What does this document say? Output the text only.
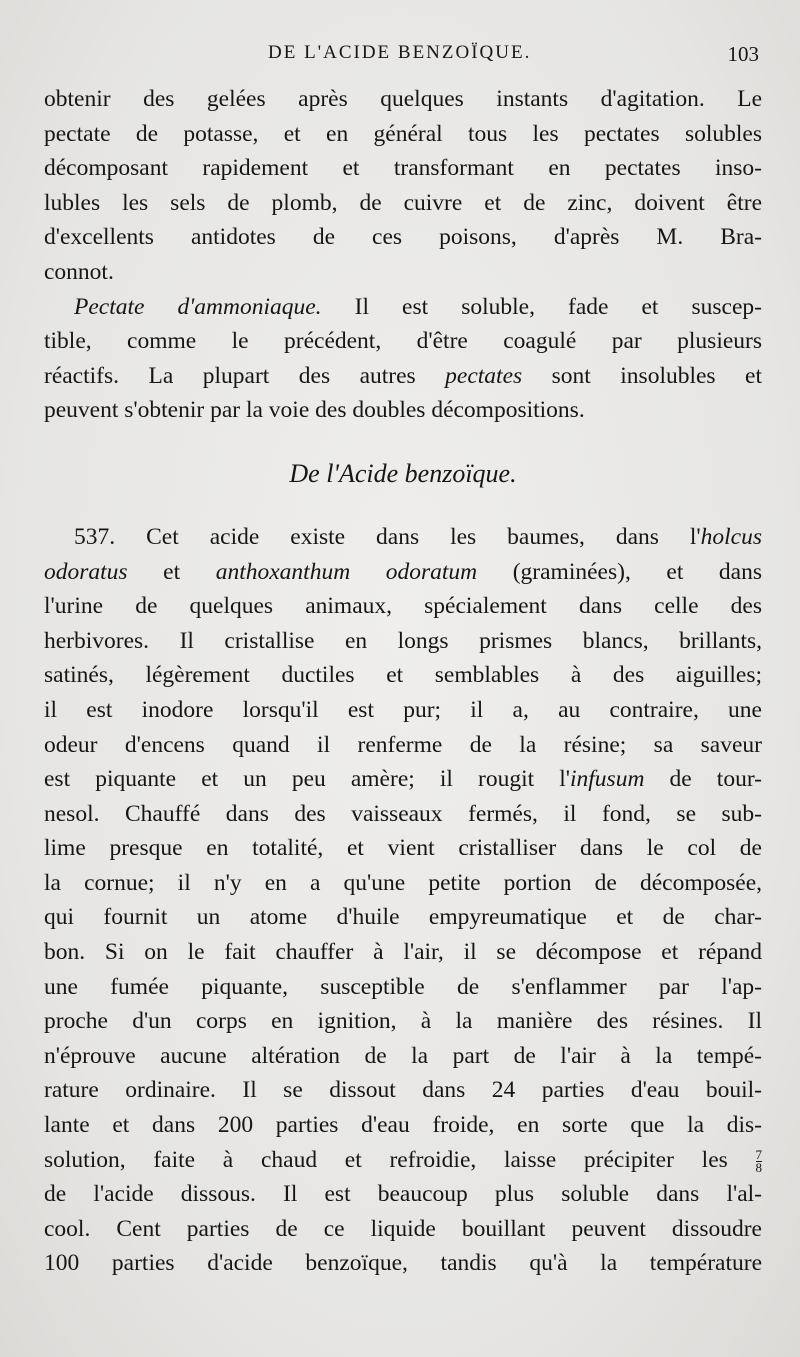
DE L'ACIDE BENZOÏQUE.	103
obtenir des gelées après quelques instants d'agitation. Le
pectate de potasse, et en général tous les pectates solubles
décomposant rapidement et transformant en pectates inso-
lubles les sels de plomb, de cuivre et de zinc, doivent être
d'excellents antidotes de ces poisons, d'après M. Bra-
connot.
Pectate d'ammoniaque. Il est soluble, fade et suscep-
tible, comme le précédent, d'être coagulé par plusieurs
réactifs. La plupart des autres pectates sont insolubles et
peuvent s'obtenir par la voie des doubles décompositions.
De l'Acide benzoïque.
537. Cet acide existe dans les baumes, dans l'holcus
odoratus et anthoxanthum odoratum (graminées), et dans
l'urine de quelques animaux, spécialement dans celle des
herbivores. Il cristallise en longs prismes blancs, brillants,
satinés, légèrement ductiles et semblables à des aiguilles;
il est inodore lorsqu'il est pur; il a, au contraire, une
odeur d'encens quand il renferme de la résine; sa saveur
est piquante et un peu amère; il rougit l'infusum de tour-
nesol. Chauffé dans des vaisseaux fermés, il fond, se sub-
lime presque en totalité, et vient cristalliser dans le col de
la cornue; il n'y en a qu'une petite portion de décomposée,
qui fournit un atome d'huile empyreumatique et de char-
bon. Si on le fait chauffer à l'air, il se décompose et répand
une fumée piquante, susceptible de s'enflammer par l'ap-
proche d'un corps en ignition, à la manière des résines. Il
n'éprouve aucune altération de la part de l'air à la tempé-
rature ordinaire. Il se dissout dans 24 parties d'eau bouil-
lante et dans 200 parties d'eau froide, en sorte que la dis-
solution, faite à chaud et refroidie, laisse précipiter les $\frac{7}{8}$
de l'acide dissous. Il est beaucoup plus soluble dans l'al-
cool. Cent parties de ce liquide bouillant peuvent dissoudre
100 parties d'acide benzoïque, tandis qu'à la température
